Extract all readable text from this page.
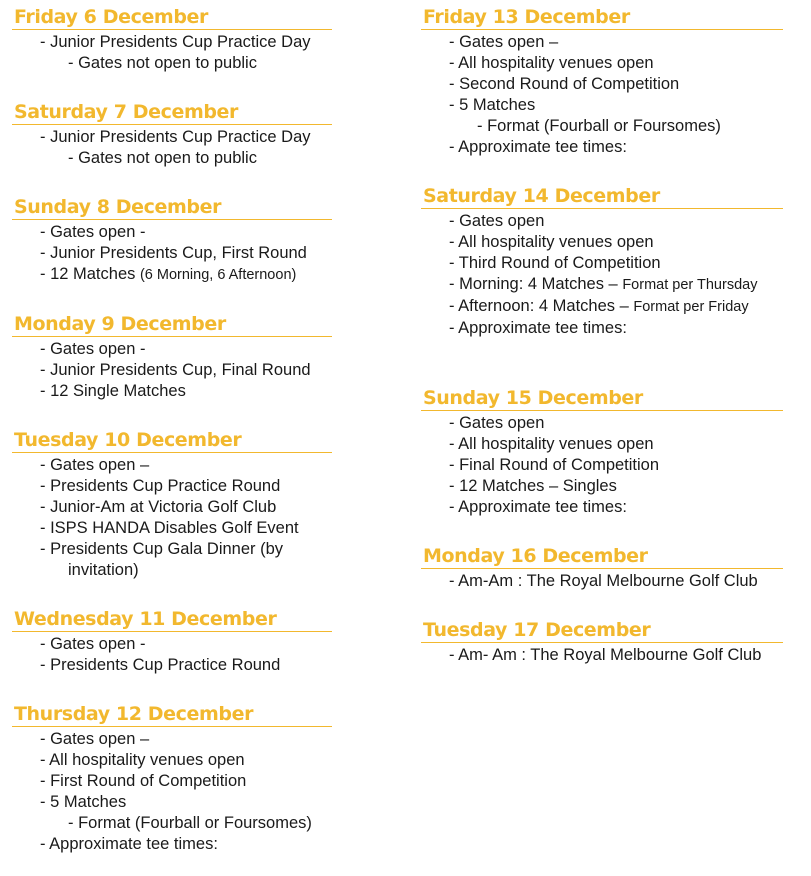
Friday 6 December
- Junior Presidents Cup Practice Day
- Gates not open to public
Saturday 7 December
- Junior Presidents Cup Practice Day
- Gates not open to public
Sunday 8 December
- Gates open -
- Junior Presidents Cup, First Round
- 12 Matches (6 Morning, 6 Afternoon)
Monday 9 December
- Gates open -
- Junior Presidents Cup, Final Round
- 12 Single Matches
Tuesday 10 December
- Gates open –
- Presidents Cup Practice Round
- Junior-Am at Victoria Golf Club
- ISPS HANDA Disables Golf Event
- Presidents Cup Gala Dinner (by
invitation)
Wednesday 11 December
- Gates open -
- Presidents Cup Practice Round
Thursday 12 December
- Gates open –
- All hospitality venues open
- First Round of Competition
- 5 Matches
- Format (Fourball or Foursomes)
- Approximate tee times:
Friday 13 December
- Gates open –
- All hospitality venues open
- Second Round of Competition
- 5 Matches
- Format (Fourball or Foursomes)
- Approximate tee times:
Saturday 14 December
- Gates open
- All hospitality venues open
- Third Round of Competition
- Morning: 4 Matches – Format per Thursday
- Afternoon: 4 Matches – Format per Friday
- Approximate tee times:
Sunday 15 December
- Gates open
- All hospitality venues open
- Final Round of Competition
- 12 Matches – Singles
- Approximate tee times:
Monday 16 December
- Am-Am : The Royal Melbourne Golf Club
Tuesday 17 December
- Am- Am : The Royal Melbourne Golf Club
